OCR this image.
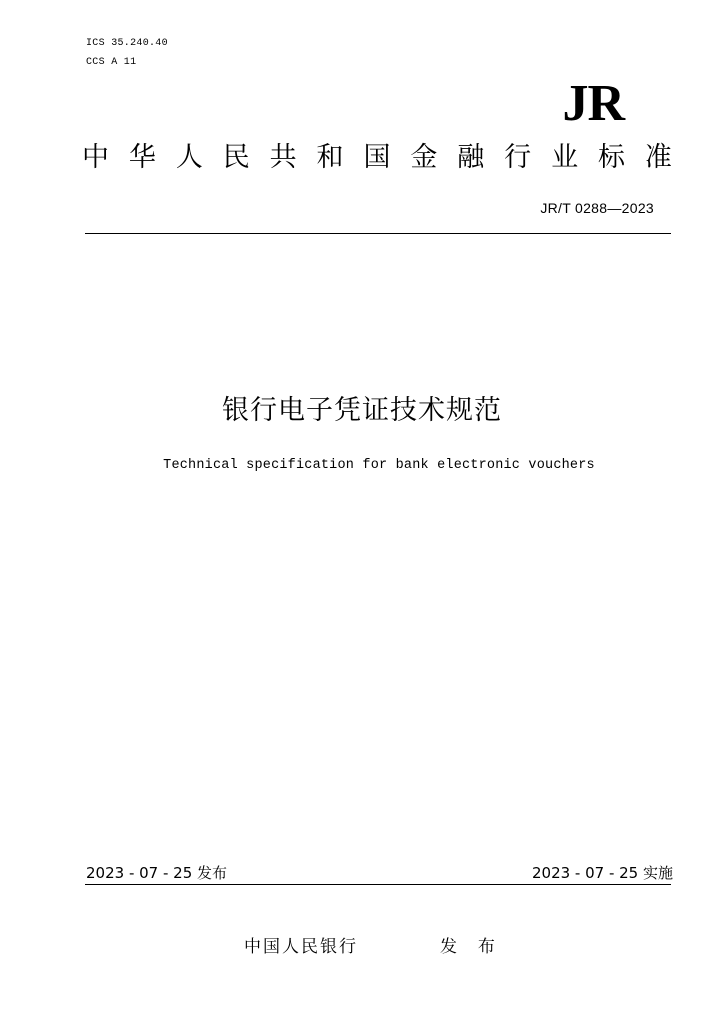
ICS 35.240.40
CCS A 11
JR
中 华 人 民 共 和 国 金 融 行 业 标 准
JR/T 0288—2023
银行电子凭证技术规范
Technical specification for bank electronic vouchers
2023 - 07 - 25 发布	2023 - 07 - 25 实施
中国人民银行	发 布
